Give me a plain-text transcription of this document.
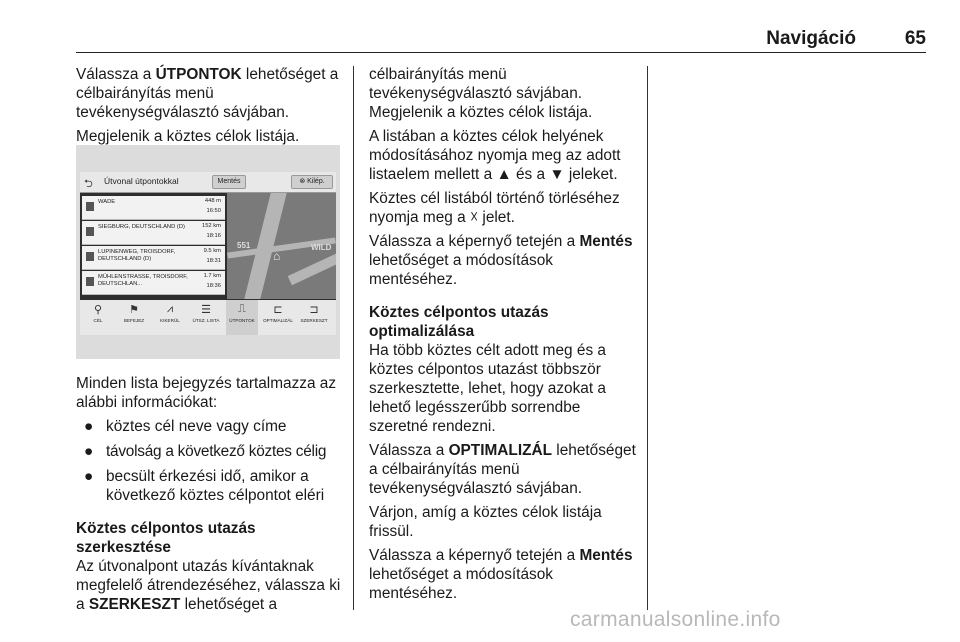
Navigáció	65

Válassza a ÚTPONTOK lehetőséget a célbairányítás menü tevékenységválasztó sávjában.

Megjelenik a köztes célok listája.

⮌ Útvonal útpontokkal	Mentés	⊗ Kilép.
WADE	448 m
16:50
SIEGBURG, DEUTSCHLAND (D)	152 km
18:16
LUPINENWEG, TROISDORF, DEUTSCHLAND (D)
9.5 km
18:31
MÜHLENSTRASSE, TROISDORF, DEUTSCHLAN...
1.7 km
18:36
551	WILD
⌂
⚲
CÉL
⚑
BEFEJEZ
⩘
KIKERÜL
☰
ÚTSZ. LISTA
⎍
ÚTPONTOK
⊏
OPTIMALIZÁL
⊐
SZERKESZT

Minden lista bejegyzés tartalmazza az alábbi információkat:

● köztes cél neve vagy címe
● távolság a következő köztes célig
● becsült érkezési idő, amikor a következő köztes célpontot eléri
Köztes célpontos utazás szerkesztése

Az útvonalpont utazás kívántaknak megfelelő átrendezéséhez, válassza ki a SZERKESZT lehetőséget a

célbairányítás menü tevékenységválasztó sávjában.

Megjelenik a köztes célok listája.

A listában a köztes célok helyének módosításához nyomja meg az adott listaelem mellett a ▲ és a ▼ jeleket.

Köztes cél listából történő törléséhez nyomja meg a ☓ jelet.

Válassza a képernyő tetején a Mentés lehetőséget a módosítások mentéséhez.

Köztes célpontos utazás optimalizálása

Ha több köztes célt adott meg és a köztes célpontos utazást többször szerkesztette, lehet, hogy azokat a lehető legésszerűbb sorrendbe szeretné rendezni.

Válassza a OPTIMALIZÁL lehetőséget a célbairányítás menü tevékenységválasztó sávjában.

Várjon, amíg a köztes célok listája frissül.

Válassza a képernyő tetején a Mentés lehetőséget a módosítások mentéséhez.

carmanualsonline.info
